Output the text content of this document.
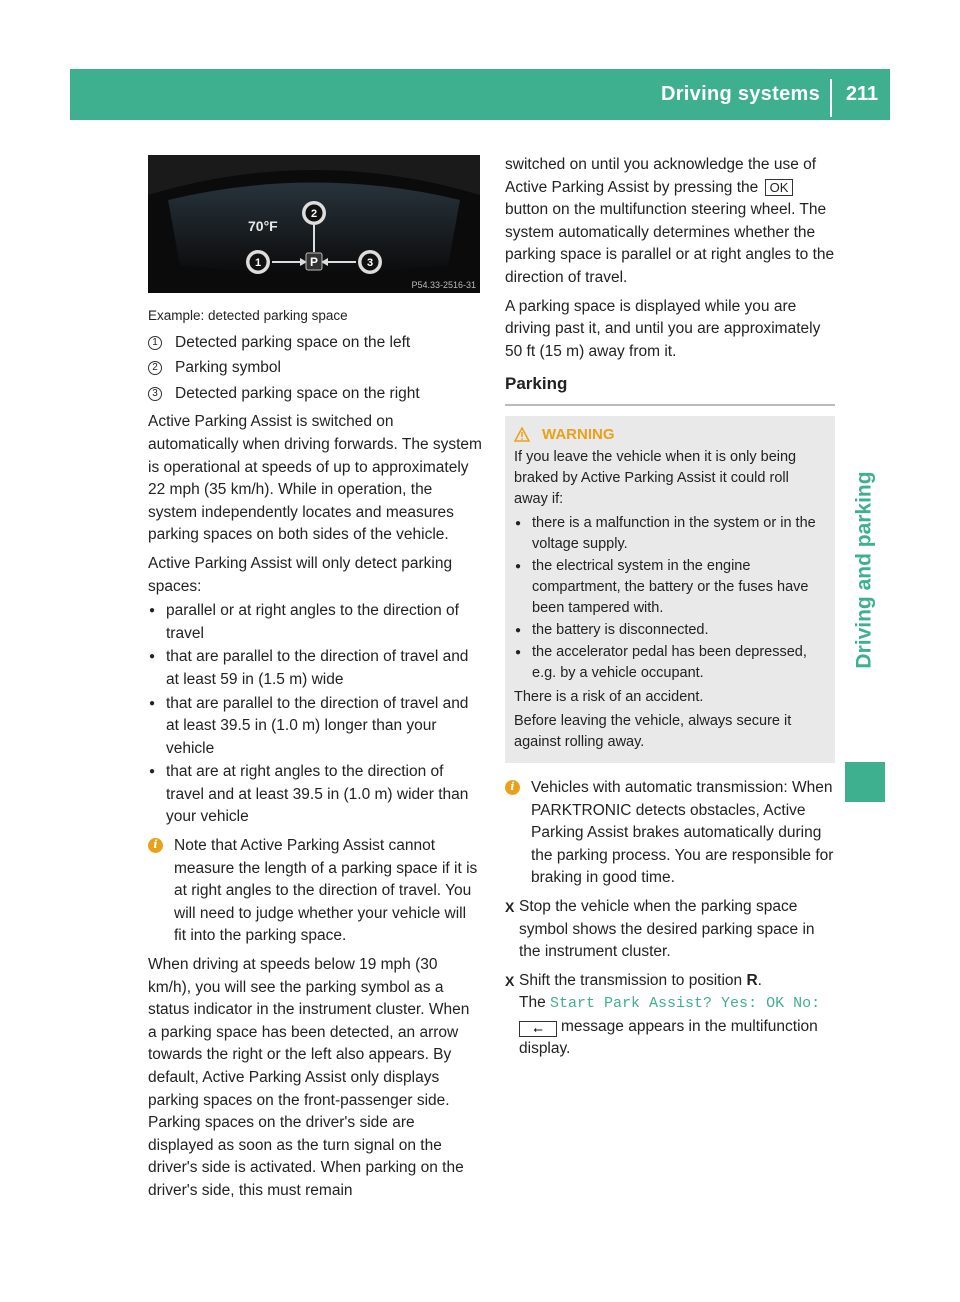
Driving systems	211
Driving and parking
70°F
P
1
2
3
P54.33-2516-31
Example: detected parking space
1 Detected parking space on the left
2 Parking symbol
3 Detected parking space on the right

Active Parking Assist is switched on automatically when driving forwards. The system is operational at speeds of up to approximately 22 mph (35 km/h). While in operation, the system independently locates and measures parking spaces on both sides of the vehicle.

Active Parking Assist will only detect parking spaces:

● parallel or at right angles to the direction of travel
● that are parallel to the direction of travel and at least 59 in (1.5 m) wide
● that are parallel to the direction of travel and at least 39.5 in (1.0 m) longer than your vehicle
● that are at right angles to the direction of travel and at least 39.5 in (1.0 m) wider than your vehicle
i	Note that Active Parking Assist cannot measure the length of a parking space if it is at right angles to the direction of travel. You will need to judge whether your vehicle will fit into the parking space.

When driving at speeds below 19 mph (30 km/h), you will see the parking symbol as a status indicator in the instrument cluster. When a parking space has been detected, an arrow towards the right or the left also appears. By default, Active Parking Assist only displays parking spaces on the front-passenger side. Parking spaces on the driver's side are displayed as soon as the turn signal on the driver's side is activated. When parking on the driver's side, this must remain

switched on until you acknowledge the use of Active Parking Assist by pressing the OK button on the multifunction steering wheel. The system automatically determines whether the parking space is parallel or at right angles to the direction of travel.

A parking space is displayed while you are driving past it, and until you are approximately 50 ft (15 m) away from it.

Parking
WARNING

If you leave the vehicle when it is only being braked by Active Parking Assist it could roll away if:

● there is a malfunction in the system or in the voltage supply.
● the electrical system in the engine compartment, the battery or the fuses have been tampered with.
● the battery is disconnected.
● the accelerator pedal has been depressed, e.g. by a vehicle occupant.

There is a risk of an accident.

Before leaving the vehicle, always secure it against rolling away.

i	Vehicles with automatic transmission: When PARKTRONIC detects obstacles, Active Parking Assist brakes automatically during the parking process. You are responsible for braking in good time.
X Stop the vehicle when the parking space symbol shows the desired parking space in the instrument cluster.
X Shift the transmission to position R.
The Start Park Assist? Yes: OK No:
⭠ message appears in the multifunction display.
